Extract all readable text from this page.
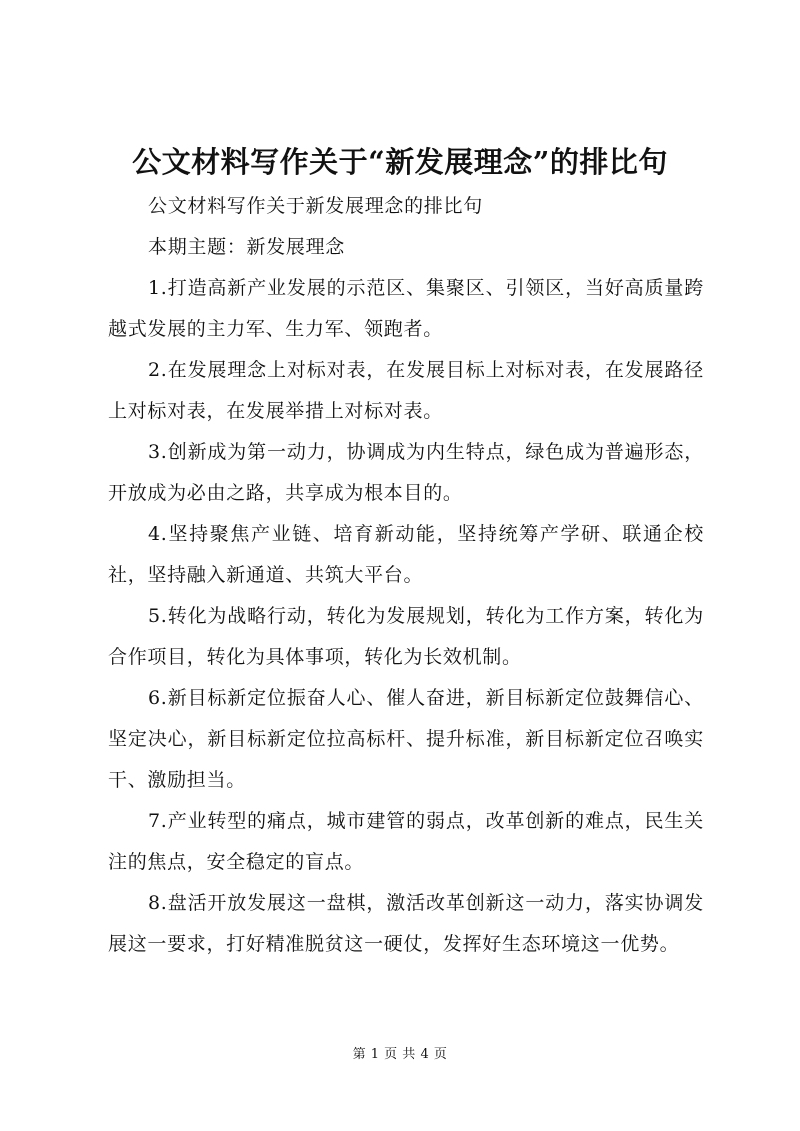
公文材料写作关于“新发展理念”的排比句

公文材料写作关于新发展理念的排比句

本期主题：新发展理念

1.打造高新产业发展的示范区、集聚区、引领区，当好高质量跨越式发展的主力军、生力军、领跑者。

2.在发展理念上对标对表，在发展目标上对标对表，在发展路径上对标对表，在发展举措上对标对表。

3.创新成为第一动力，协调成为内生特点，绿色成为普遍形态，开放成为必由之路，共享成为根本目的。

4.坚持聚焦产业链、培育新动能，坚持统筹产学研、联通企校社，坚持融入新通道、共筑大平台。

5.转化为战略行动，转化为发展规划，转化为工作方案，转化为合作项目，转化为具体事项，转化为长效机制。

6.新目标新定位振奋人心、催人奋进，新目标新定位鼓舞信心、坚定决心，新目标新定位拉高标杆、提升标准，新目标新定位召唤实干、激励担当。

7.产业转型的痛点，城市建管的弱点，改革创新的难点，民生关注的焦点，安全稳定的盲点。

8.盘活开放发展这一盘棋，激活改革创新这一动力，落实协调发展这一要求，打好精准脱贫这一硬仗，发挥好生态环境这一优势。

第 1 页 共 4 页
